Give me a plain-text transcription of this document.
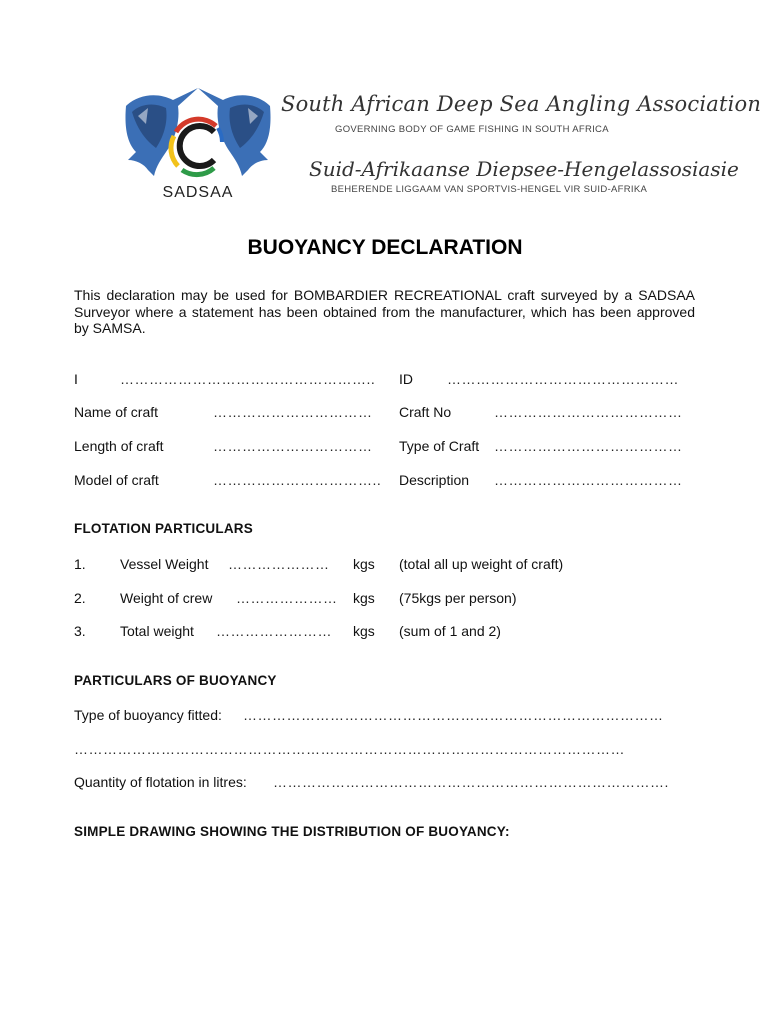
SADSAA
South African Deep Sea Angling Association
GOVERNING BODY OF GAME FISHING IN SOUTH AFRICA
Suid-Afrikaanse Diepsee-Hengelassosiasie
BEHERENDE LIGGAAM VAN SPORTVIS-HENGEL VIR SUID-AFRIKA
BUOYANCY DECLARATION
This declaration may be used for BOMBARDIER RECREATIONAL craft surveyed by a SADSAA Surveyor where a statement has been obtained from the manufacturer, which has been approved by SAMSA.
I	…………………………………………….. ID …………………………………………
Name of craft	…………………………… Craft No	…………………………………
Length of craft	…………………………… Type of Craft …………………………………
Model of craft	…………………………….. Description …………………………………
FLOTATION PARTICULARS
1. Vessel Weight ………………… kgs (total all up weight of craft)
2. Weight of crew ………………… kgs (75kgs per person)
3. Total weight …………………… kgs (sum of 1 and 2)
PARTICULARS OF BUOYANCY
Type of buoyancy fitted: ……………………………………………………………………………
……………………………………………………………………………………………………
Quantity of flotation in litres: ……………………………………………………………………….
SIMPLE DRAWING SHOWING THE DISTRIBUTION OF BUOYANCY:
